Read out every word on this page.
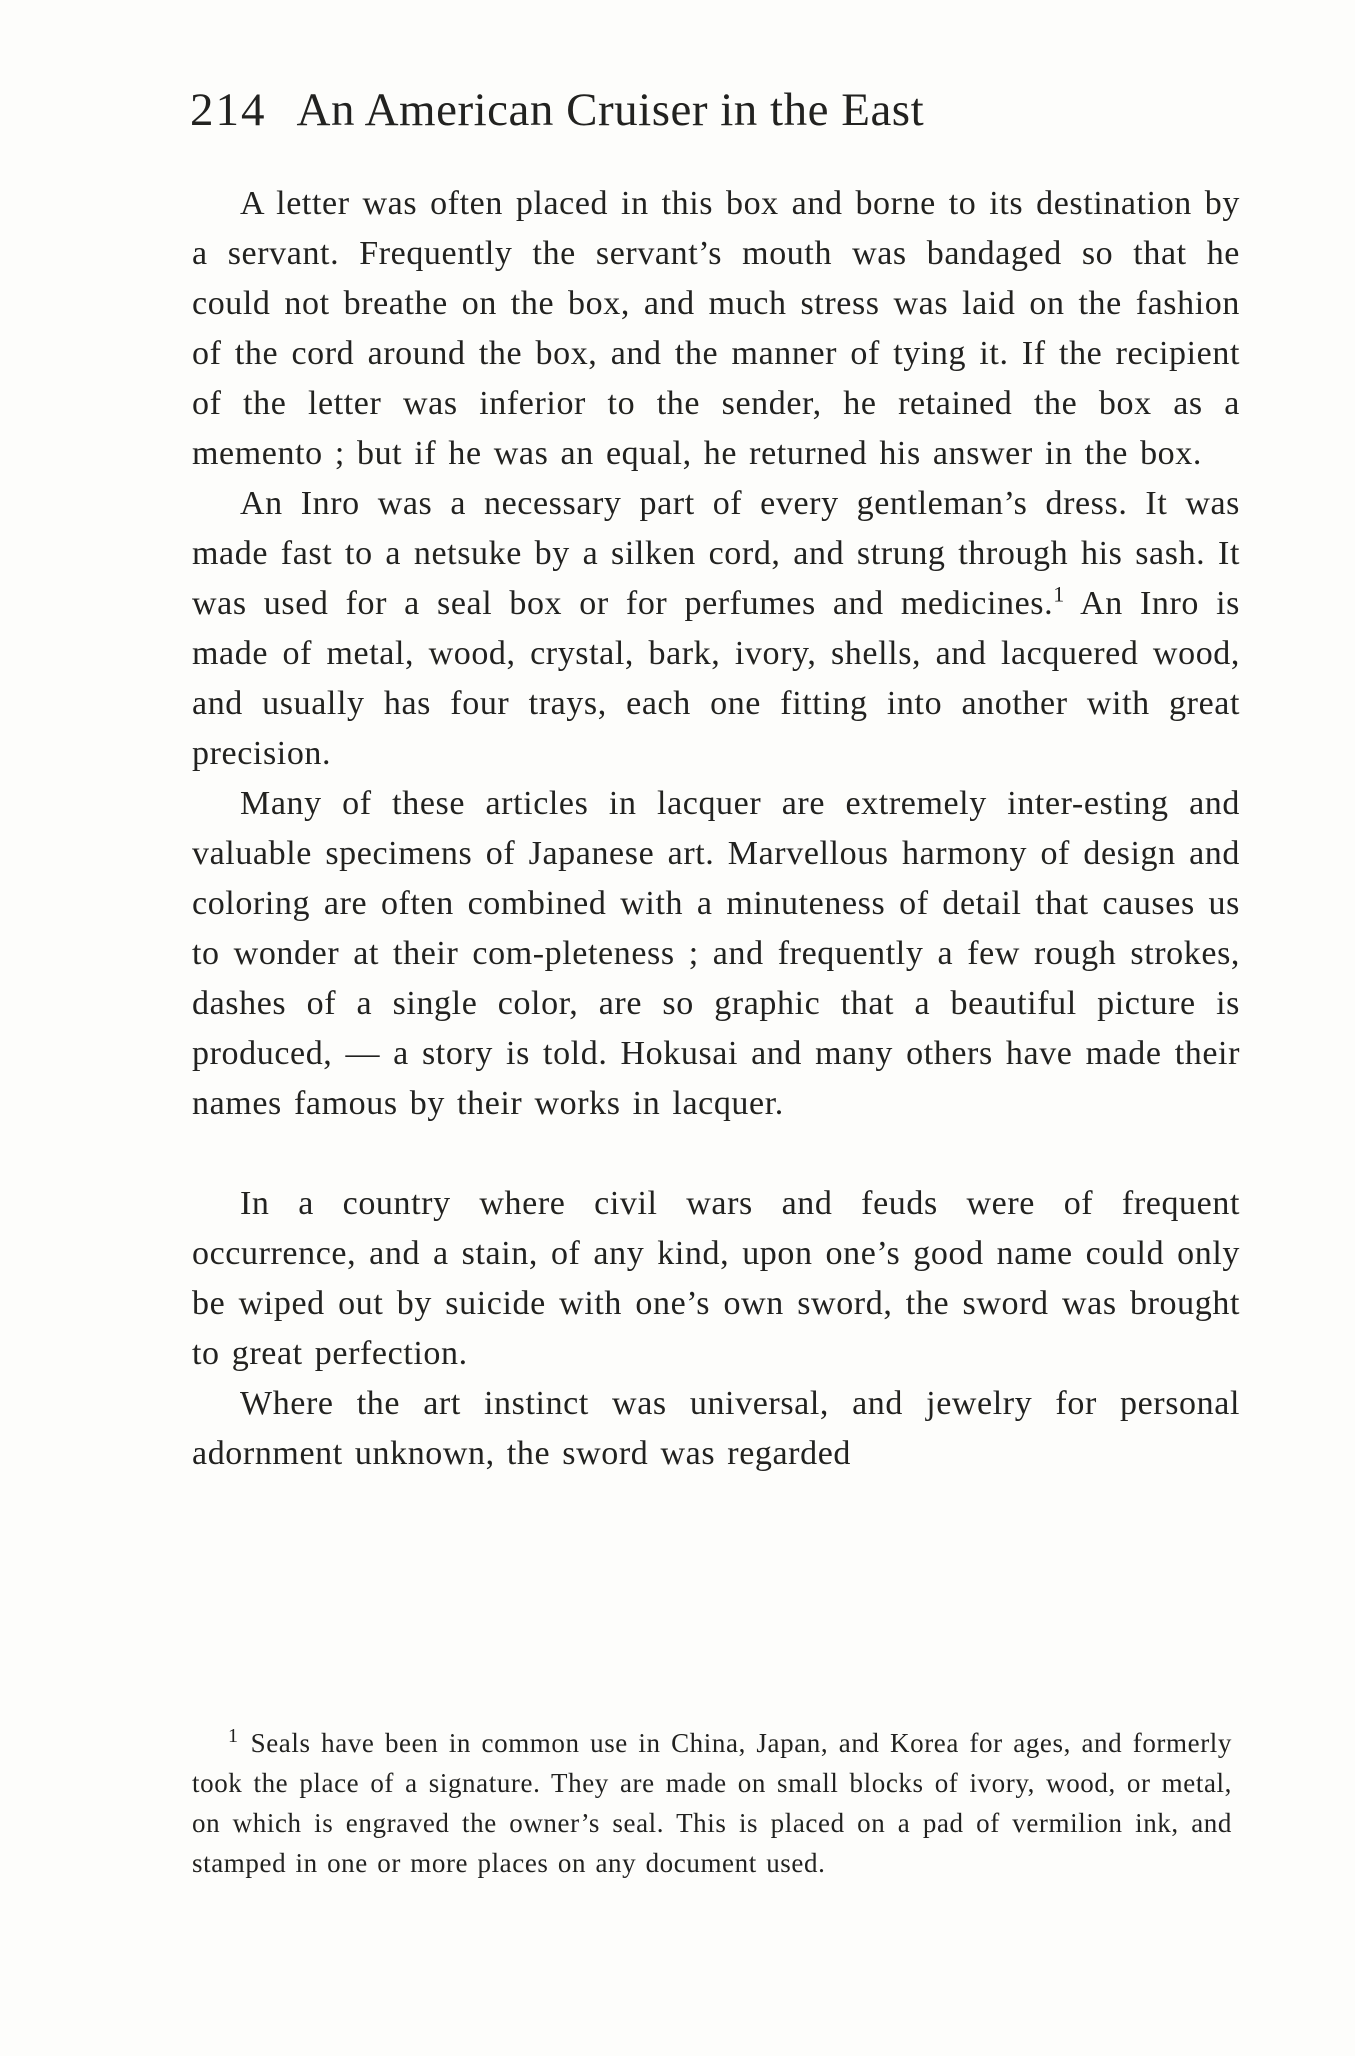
214 An American Cruiser in the East

A letter was often placed in this box and borne to its destination by a servant. Frequently the servant’s mouth was bandaged so that he could not breathe on the box, and much stress was laid on the fashion of the cord around the box, and the manner of tying it. If the recipient of the letter was inferior to the sender, he retained the box as a memento ; but if he was an equal, he returned his answer in the box.

An Inro was a necessary part of every gentleman’s dress. It was made fast to a netsuke by a silken cord, and strung through his sash. It was used for a seal box or for perfumes and medicines.$^1$ An Inro is made of metal, wood, crystal, bark, ivory, shells, and lacquered wood, and usually has four trays, each one fitting into another with great precision.

Many of these articles in lacquer are extremely inter-esting and valuable specimens of Japanese art. Marvellous harmony of design and coloring are often combined with a minuteness of detail that causes us to wonder at their com-pleteness ; and frequently a few rough strokes, dashes of a single color, are so graphic that a beautiful picture is produced, — a story is told. Hokusai and many others have made their names famous by their works in lacquer.

In a country where civil wars and feuds were of frequent occurrence, and a stain, of any kind, upon one’s good name could only be wiped out by suicide with one’s own sword, the sword was brought to great perfection.

Where the art instinct was universal, and jewelry for personal adornment unknown, the sword was regarded

$^1$ Seals have been in common use in China, Japan, and Korea for ages, and formerly took the place of a signature. They are made on small blocks of ivory, wood, or metal, on which is engraved the owner’s seal. This is placed on a pad of vermilion ink, and stamped in one or more places on any document used.
